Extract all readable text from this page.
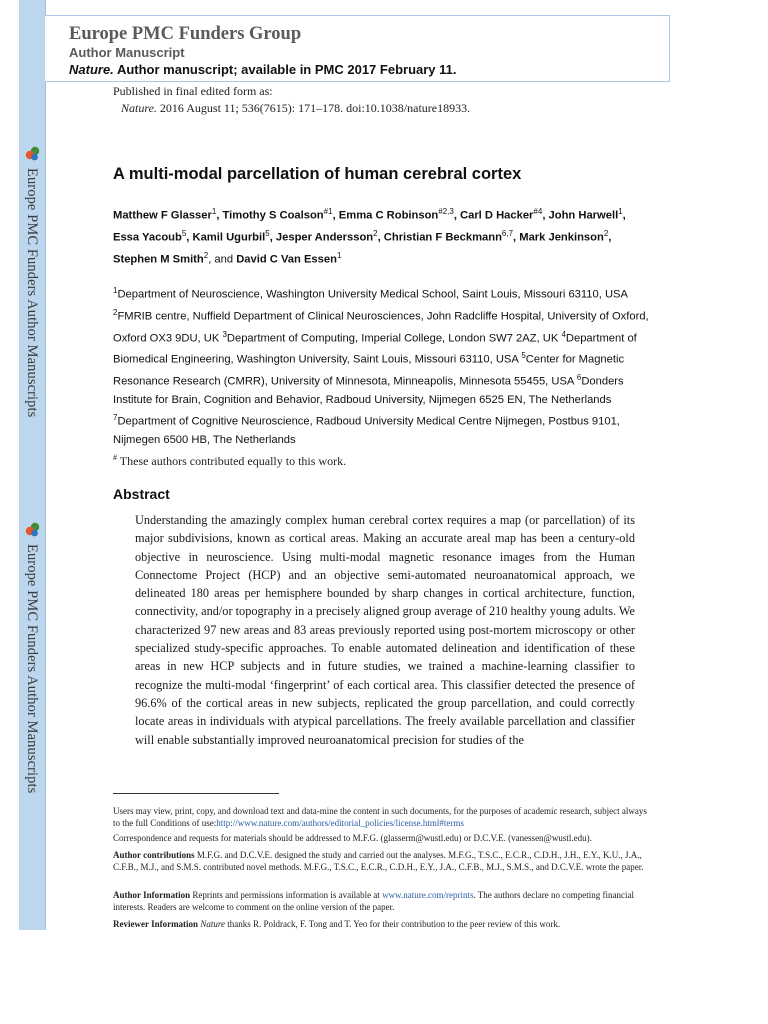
Europe PMC Funders Author Manuscripts
Europe PMC Funders Author Manuscripts
Europe PMC Funders Group
Author Manuscript
Nature. Author manuscript; available in PMC 2017 February 11.
Published in final edited form as:
Nature. 2016 August 11; 536(7615): 171–178. doi:10.1038/nature18933.
A multi-modal parcellation of human cerebral cortex
Matthew F Glasser$^1$, Timothy S Coalson$^{\#1}$, Emma C Robinson$^{\#2,3}$, Carl D Hacker$^{\#4}$, John Harwell$^1$, Essa Yacoub$^5$, Kamil Ugurbil$^5$, Jesper Andersson$^2$, Christian F Beckmann$^{6,7}$, Mark Jenkinson$^2$, Stephen M Smith$^2$, and David C Van Essen$^1$
$^1$Department of Neuroscience, Washington University Medical School, Saint Louis, Missouri 63110, USA $^2$FMRIB centre, Nuffield Department of Clinical Neurosciences, John Radcliffe Hospital, University of Oxford, Oxford OX3 9DU, UK $^3$Department of Computing, Imperial College, London SW7 2AZ, UK $^4$Department of Biomedical Engineering, Washington University, Saint Louis, Missouri 63110, USA $^5$Center for Magnetic Resonance Research (CMRR), University of Minnesota, Minneapolis, Minnesota 55455, USA $^6$Donders Institute for Brain, Cognition and Behavior, Radboud University, Nijmegen 6525 EN, The Netherlands $^7$Department of Cognitive Neuroscience, Radboud University Medical Centre Nijmegen, Postbus 9101, Nijmegen 6500 HB, The Netherlands
# These authors contributed equally to this work.
Abstract
Understanding the amazingly complex human cerebral cortex requires a map (or parcellation) of its major subdivisions, known as cortical areas. Making an accurate areal map has been a century-old objective in neuroscience. Using multi-modal magnetic resonance images from the Human Connectome Project (HCP) and an objective semi-automated neuroanatomical approach, we delineated 180 areas per hemisphere bounded by sharp changes in cortical architecture, function, connectivity, and/or topography in a precisely aligned group average of 210 healthy young adults. We characterized 97 new areas and 83 areas previously reported using post-mortem microscopy or other specialized study-specific approaches. To enable automated delineation and identification of these areas in new HCP subjects and in future studies, we trained a machine-learning classifier to recognize the multi-modal ‘fingerprint’ of each cortical area. This classifier detected the presence of 96.6% of the cortical areas in new subjects, replicated the group parcellation, and could correctly locate areas in individuals with atypical parcellations. The freely available parcellation and classifier will enable substantially improved neuroanatomical precision for studies of the
Users may view, print, copy, and download text and data-mine the content in such documents, for the purposes of academic research, subject always to the full Conditions of use:http://www.nature.com/authors/editorial_policies/license.html#terms
Correspondence and requests for materials should be addressed to M.F.G. (glasserm@wustl.edu) or D.C.V.E. (vanessen@wustl.edu).
Author contributions M.F.G. and D.C.V.E. designed the study and carried out the analyses. M.F.G., T.S.C., E.C.R., C.D.H., J.H., E.Y., K.U., J.A., C.F.B., M.J., and S.M.S. contributed novel methods. M.F.G., T.S.C., E.C.R., C.D.H., E.Y., J.A., C.F.B., M.J., S.M.S., and D.C.V.E. wrote the paper.
Author Information Reprints and permissions information is available at www.nature.com/reprints. The authors declare no competing financial interests. Readers are welcome to comment on the online version of the paper.
Reviewer Information Nature thanks R. Poldrack, F. Tong and T. Yeo for their contribution to the peer review of this work.
